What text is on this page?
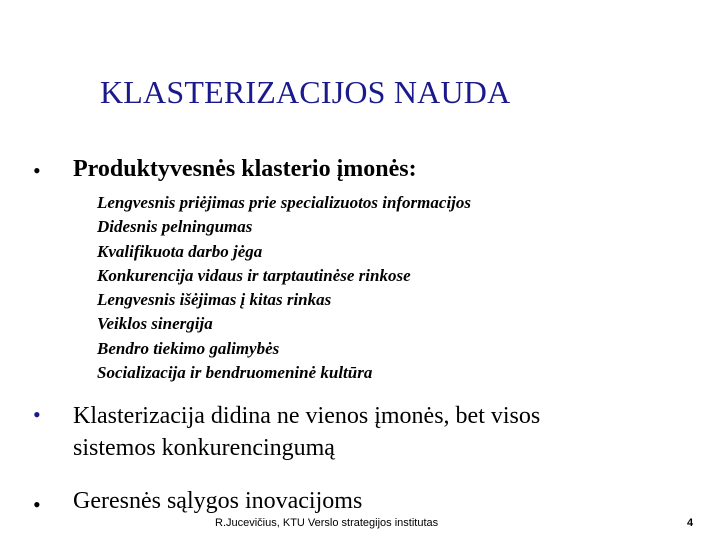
KLASTERIZACIJOS NAUDA
• Produktyvesnės klasterio įmonės:
Lengvesnis priėjimas prie specializuotos informacijos
Didesnis pelningumas
Kvalifikuota darbo jėga
Konkurencija vidaus ir tarptautinėse rinkose
Lengvesnis išėjimas į kitas rinkas
Veiklos sinergija
Bendro tiekimo galimybės
Socializacija ir bendruomeninė kultūra
• Klasterizacija didina ne vienos įmonės, bet visos
sistemos konkurencingumą
• Geresnės sąlygos inovacijoms
R.Jucevičius, KTU Verslo strategijos institutas	4
